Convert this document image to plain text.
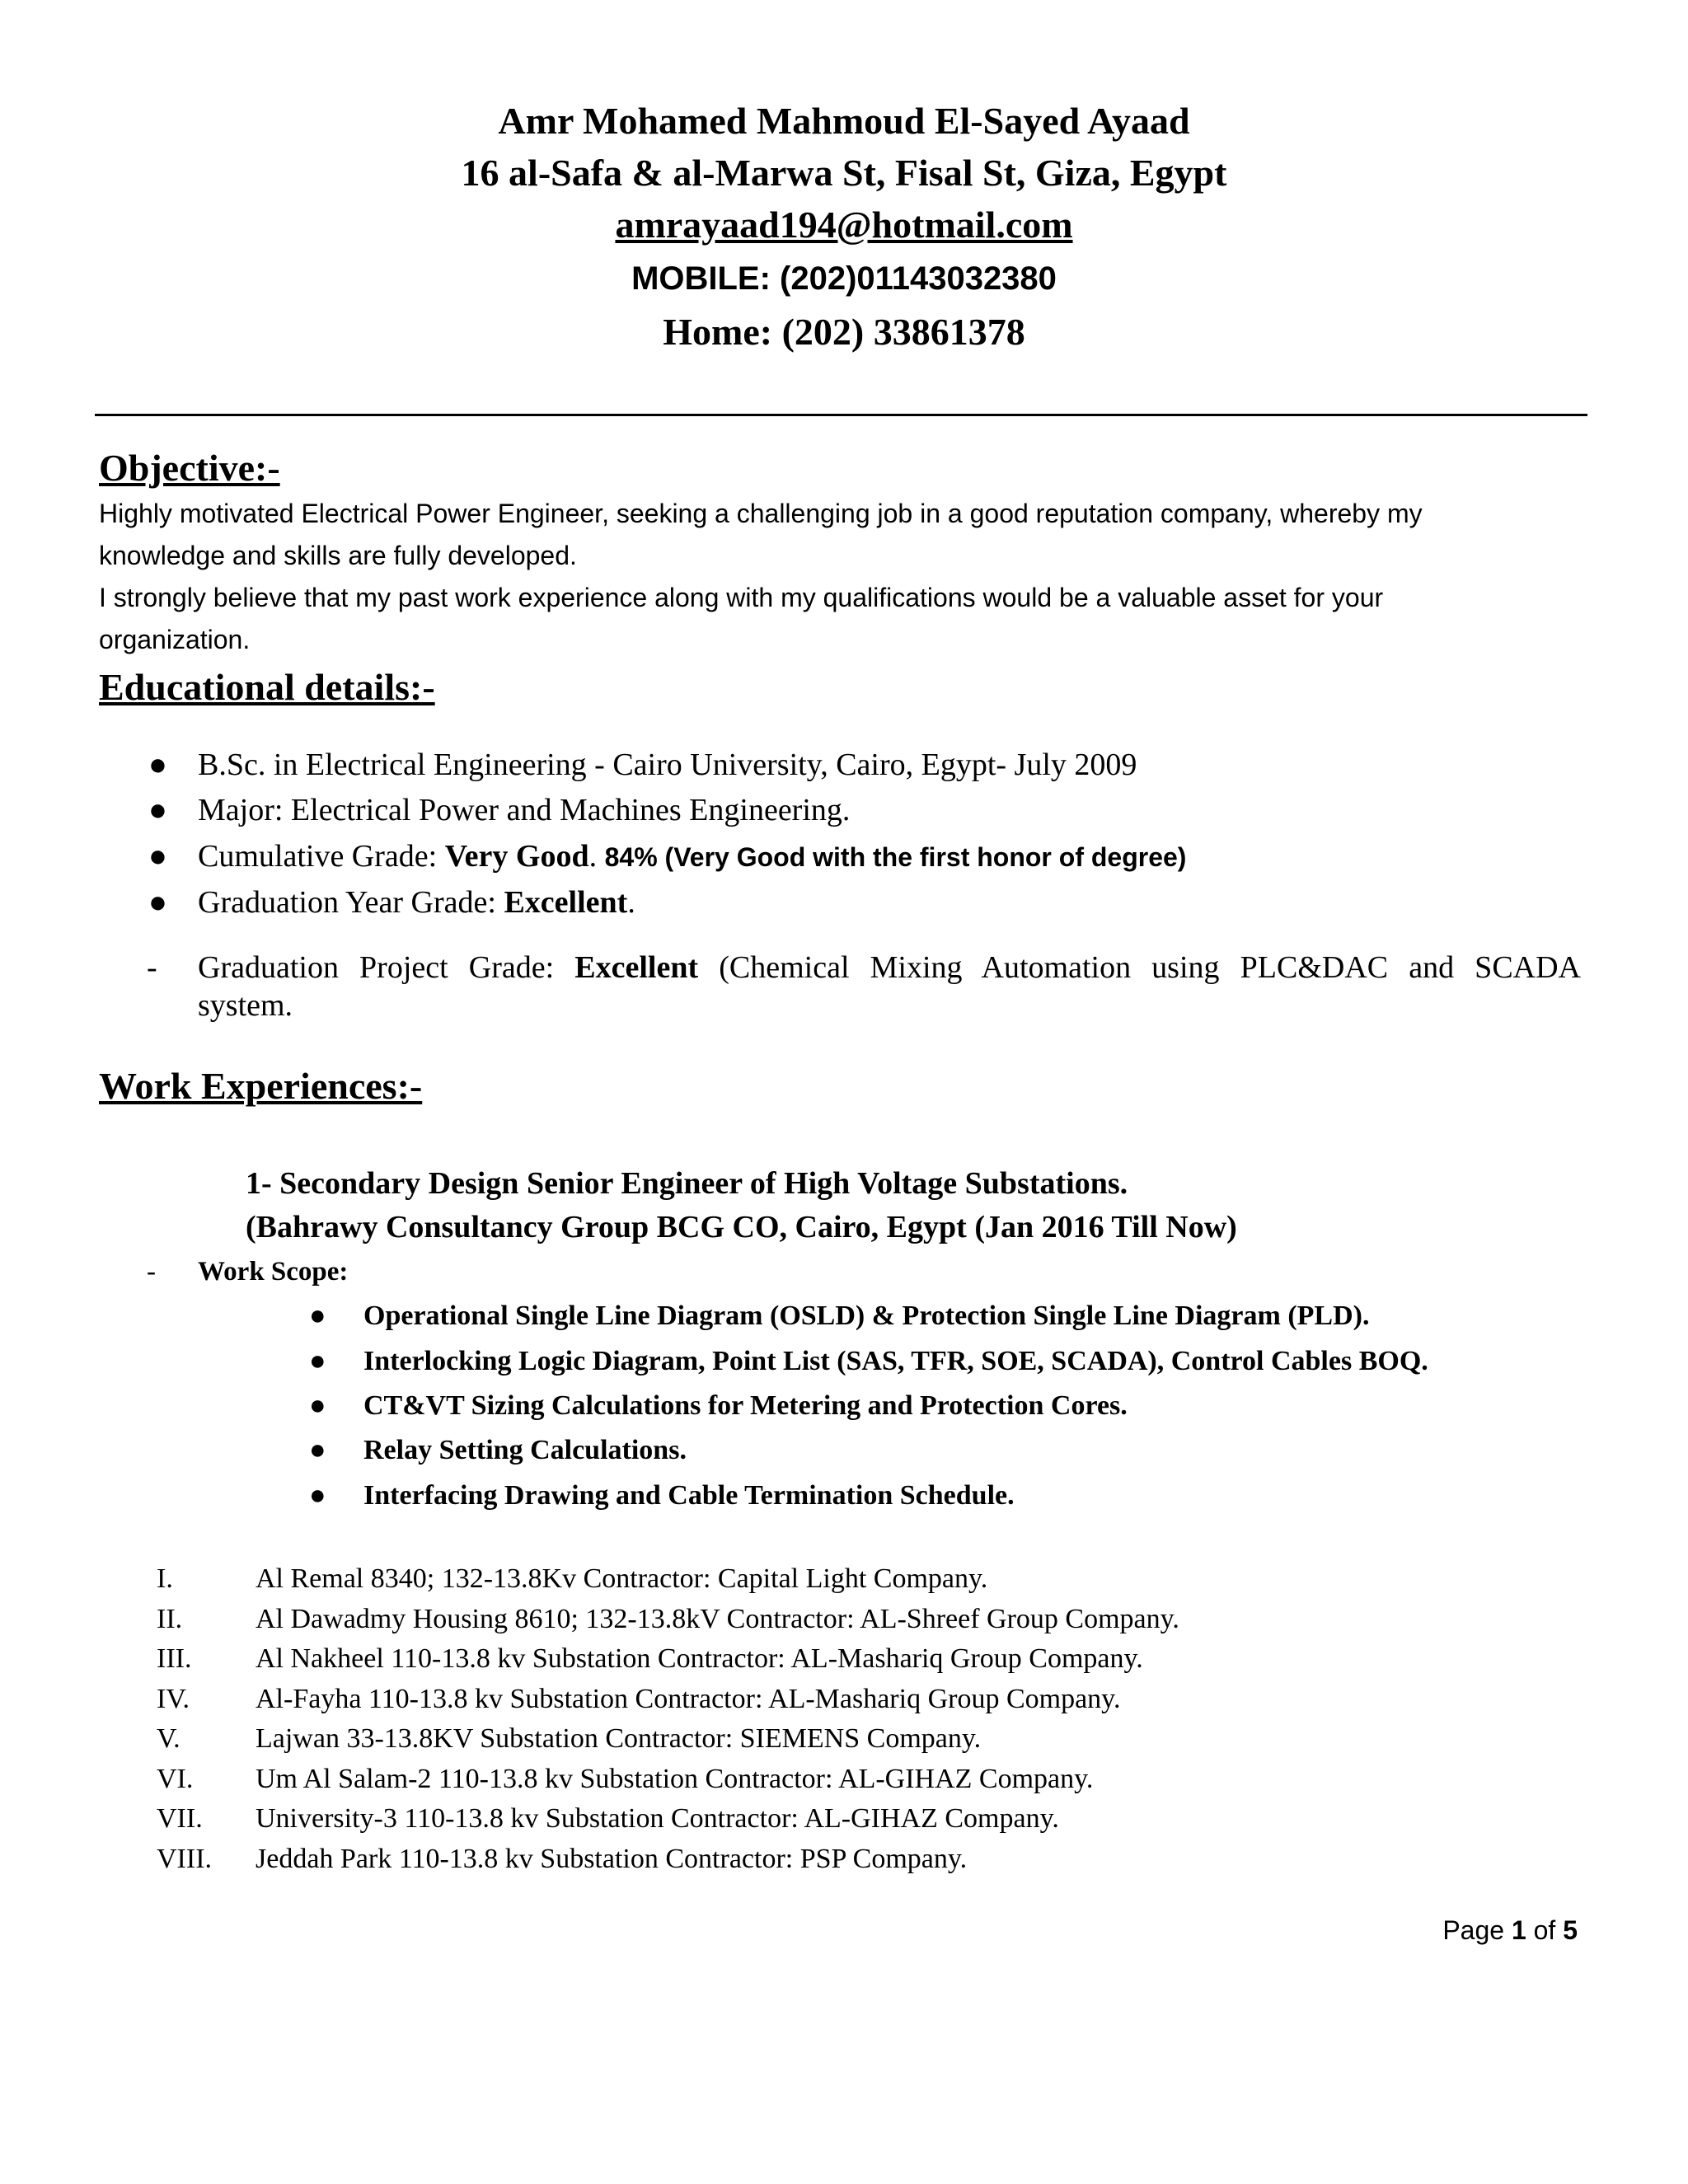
Amr Mohamed Mahmoud El-Sayed Ayaad
16 al-Safa & al-Marwa St, Fisal St, Giza, Egypt
amrayaad194@hotmail.com
MOBILE: (202)01143032380
Home: (202) 33861378
Objective:-
Highly motivated Electrical Power Engineer, seeking a challenging job in a good reputation company, whereby my
knowledge and skills are fully developed.
I strongly believe that my past work experience along with my qualifications would be a valuable asset for your
organization.
Educational details:-
● B.Sc. in Electrical Engineering - Cairo University, Cairo, Egypt- July 2009
● Major: Electrical Power and Machines Engineering.
● Cumulative Grade: Very Good. 84% (Very Good with the first honor of degree)
● Graduation Year Grade: Excellent.
- Graduation Project Grade: Excellent (Chemical Mixing Automation using PLC&DAC and SCADA
system.
Work Experiences:-
1- Secondary Design Senior Engineer of High Voltage Substations.
(Bahrawy Consultancy Group BCG CO, Cairo, Egypt (Jan 2016 Till Now)
- Work Scope:
● Operational Single Line Diagram (OSLD) & Protection Single Line Diagram (PLD).
● Interlocking Logic Diagram, Point List (SAS, TFR, SOE, SCADA), Control Cables BOQ.
● CT&VT Sizing Calculations for Metering and Protection Cores.
● Relay Setting Calculations.
● Interfacing Drawing and Cable Termination Schedule.
I.	Al Remal 8340; 132-13.8Kv Contractor: Capital Light Company.
II.	Al Dawadmy Housing 8610; 132-13.8kV Contractor: AL-Shreef Group Company.
III. Al Nakheel 110-13.8 kv Substation Contractor: AL-Mashariq Group Company.
IV. Al-Fayha 110-13.8 kv Substation Contractor: AL-Mashariq Group Company.
V.	Lajwan 33-13.8KV Substation Contractor: SIEMENS Company.
VI. Um Al Salam-2 110-13.8 kv Substation Contractor: AL-GIHAZ Company.
VII. University-3 110-13.8 kv Substation Contractor: AL-GIHAZ Company.
VIII. Jeddah Park 110-13.8 kv Substation Contractor: PSP Company.
Page 1 of 5
